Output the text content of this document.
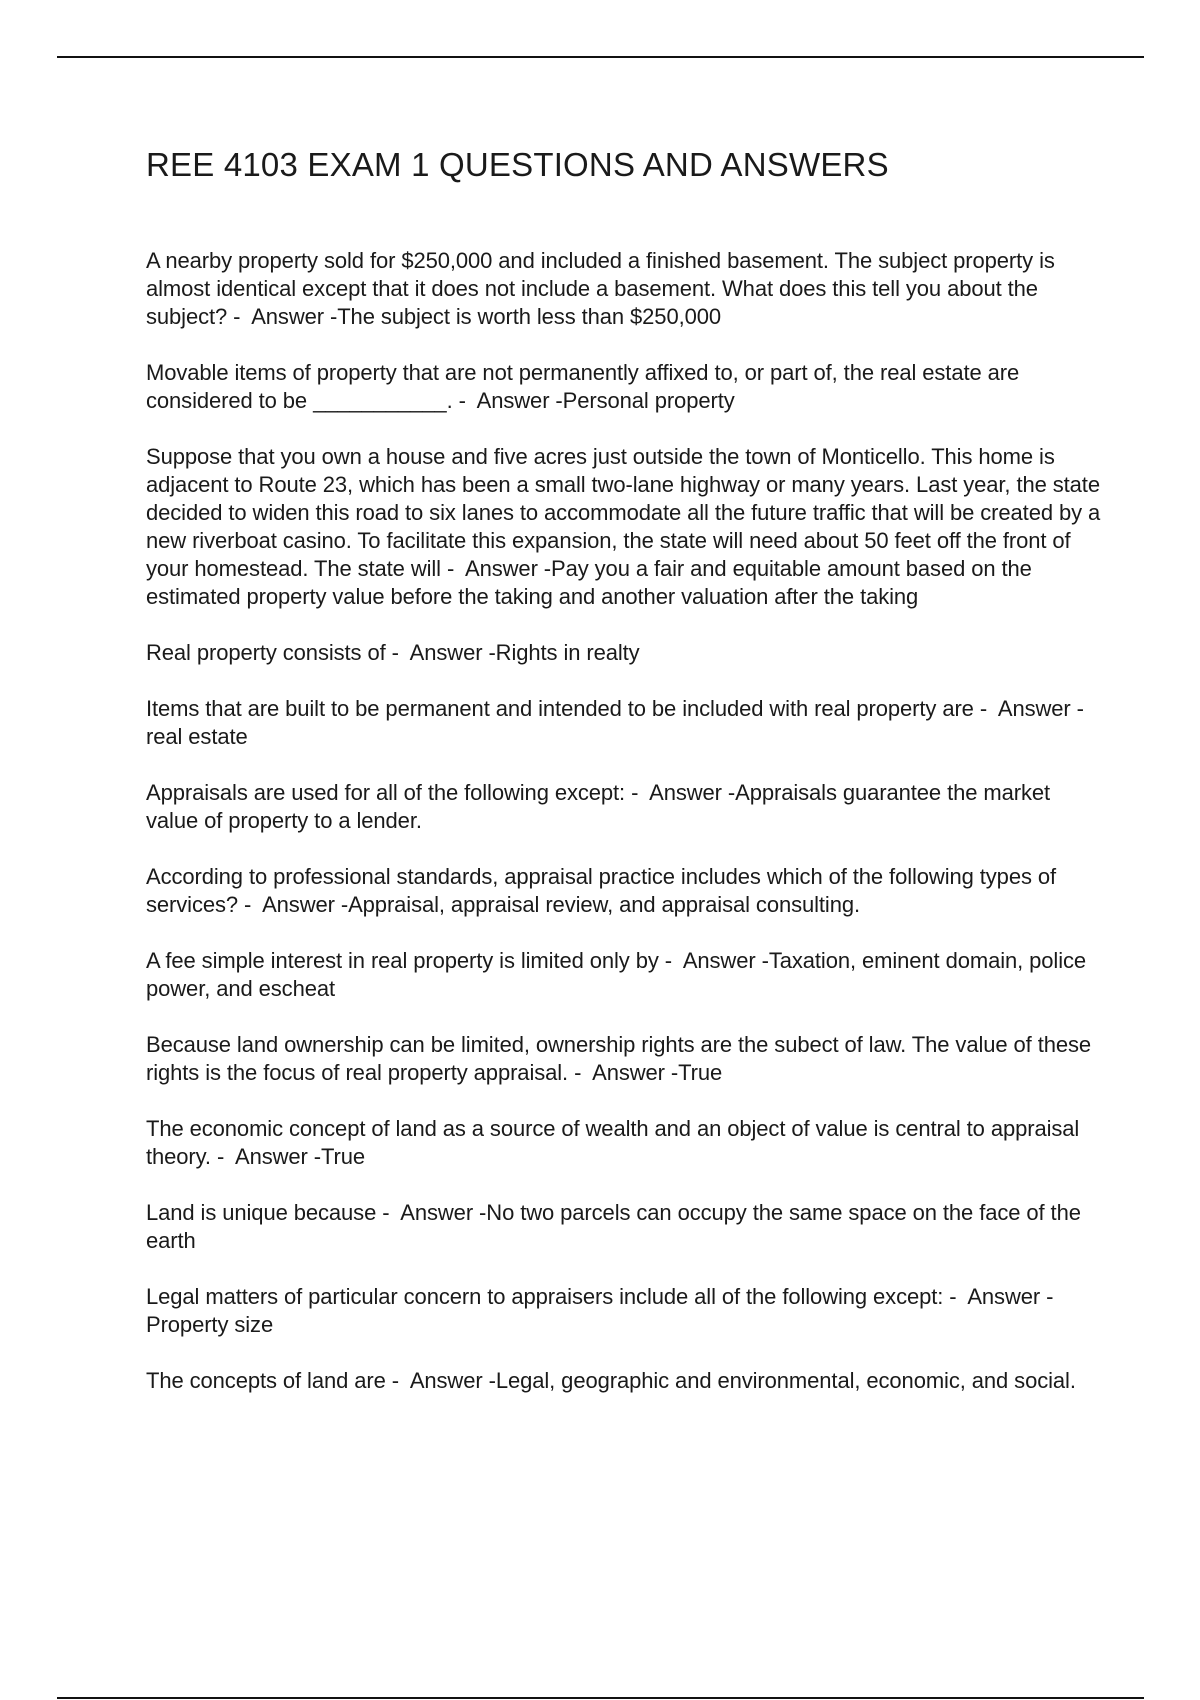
REE 4103 EXAM 1 QUESTIONS AND ANSWERS
A nearby property sold for $250,000 and included a finished basement. The subject property is almost identical except that it does not include a basement. What does this tell you about the subject? -  Answer -The subject is worth less than $250,000
Movable items of property that are not permanently affixed to, or part of, the real estate are considered to be ___________. -  Answer -Personal property
Suppose that you own a house and five acres just outside the town of Monticello. This home is adjacent to Route 23, which has been a small two-lane highway or many years. Last year, the state decided to widen this road to six lanes to accommodate all the future traffic that will be created by a new riverboat casino. To facilitate this expansion, the state will need about 50 feet off the front of your homestead. The state will -  Answer -Pay you a fair and equitable amount based on the estimated property value before the taking and another valuation after the taking
Real property consists of -  Answer -Rights in realty
Items that are built to be permanent and intended to be included with real property are -  Answer -real estate
Appraisals are used for all of the following except: -  Answer -Appraisals guarantee the market value of property to a lender.
According to professional standards, appraisal practice includes which of the following types of services? -  Answer -Appraisal, appraisal review, and appraisal consulting.
A fee simple interest in real property is limited only by -  Answer -Taxation, eminent domain, police power, and escheat
Because land ownership can be limited, ownership rights are the subect of law. The value of these rights is the focus of real property appraisal. -  Answer -True
The economic concept of land as a source of wealth and an object of value is central to appraisal theory. -  Answer -True
Land is unique because -  Answer -No two parcels can occupy the same space on the face of the earth
Legal matters of particular concern to appraisers include all of the following except: -  Answer -Property size
The concepts of land are -  Answer -Legal, geographic and environmental, economic, and social.
